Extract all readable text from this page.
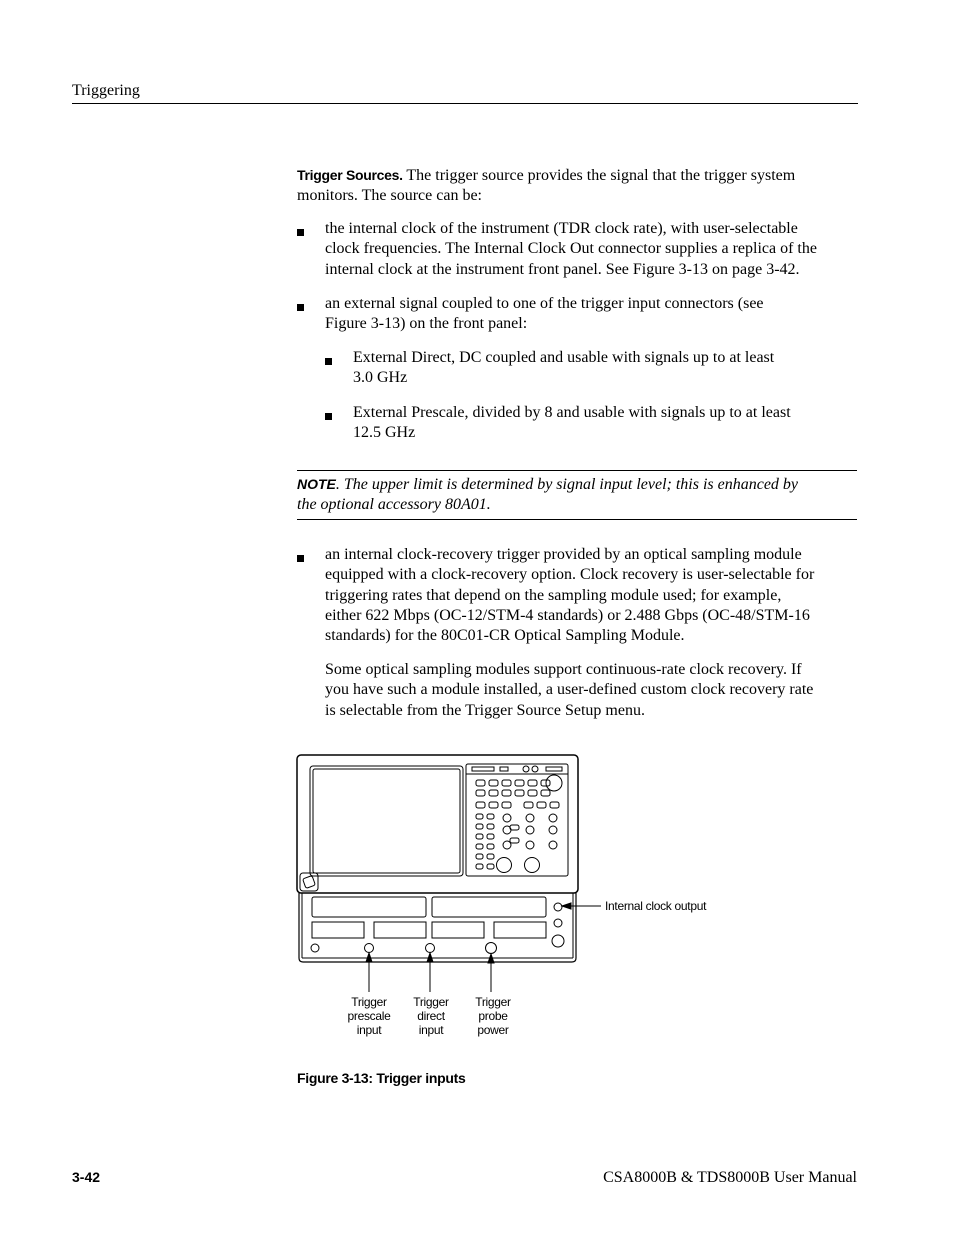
Triggering
Trigger Sources. The trigger source provides the signal that the trigger system monitors. The source can be:
the internal clock of the instrument (TDR clock rate), with user-selectable
clock frequencies. The Internal Clock Out connector supplies a replica of the
internal clock at the instrument front panel. See Figure 3-13 on page 3-42.
an external signal coupled to one of the trigger input connectors (see
Figure 3-13) on the front panel:
External Direct, DC coupled and usable with signals up to at least
3.0 GHz
External Prescale, divided by 8 and usable with signals up to at least
12.5 GHz
NOTE. The upper limit is determined by signal input level; this is enhanced by
the optional accessory 80A01.
an internal clock-recovery trigger provided by an optical sampling module
equipped with a clock-recovery option. Clock recovery is user-selectable for
triggering rates that depend on the sampling module used; for example,
either 622 Mbps (OC-12/STM-4 standards) or 2.488 Gbps (OC-48/STM-16
standards) for the 80C01-CR Optical Sampling Module.
Some optical sampling modules support continuous-rate clock recovery. If
you have such a module installed, a user-defined custom clock recovery rate
is selectable from the Trigger Source Setup menu.
Internal clock output
Trigger
prescale
input
Trigger
direct
input
Trigger
probe
power
Figure 3-13: Trigger inputs
3-42	CSA8000B & TDS8000B User Manual
